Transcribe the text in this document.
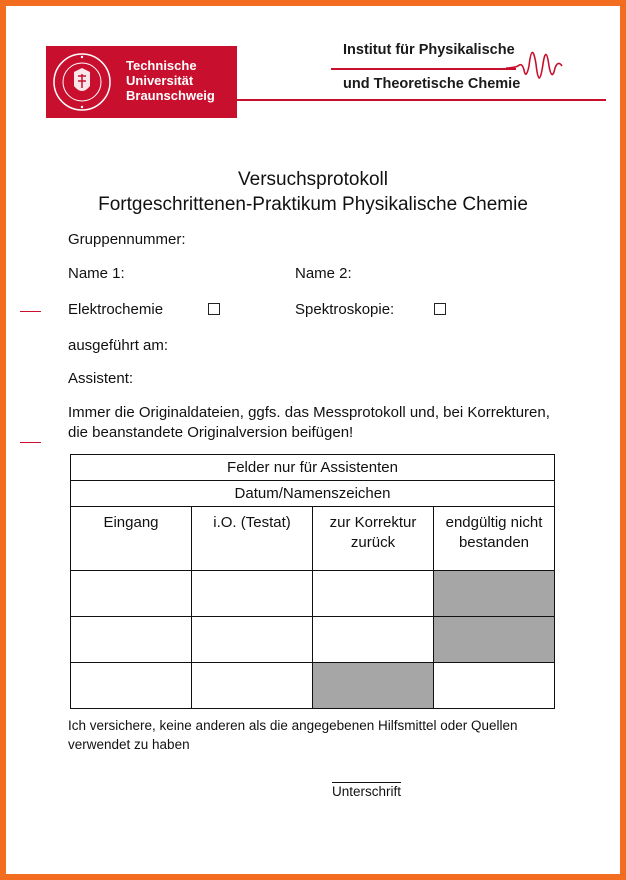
Technische
Universität
Braunschweig
Institut für Physikalische
und Theoretische Chemie
Versuchsprotokoll
Fortgeschrittenen-Praktikum Physikalische Chemie
Gruppennummer:
Name 1:	Name 2:
Elektrochemie	Spektroskopie:
ausgeführt am:
Assistent:
Immer die Originaldateien, ggfs. das Messprotokoll und, bei Korrekturen, die beanstandete Originalversion beifügen!
Felder nur für Assistenten			
Datum/Namenszeichen			
Eingang	i.O. (Testat)	zur Korrektur zurück	endgültig nicht bestanden

Ich versichere, keine anderen als die angegebenen Hilfsmittel oder Quellen verwendet zu haben
Unterschrift
